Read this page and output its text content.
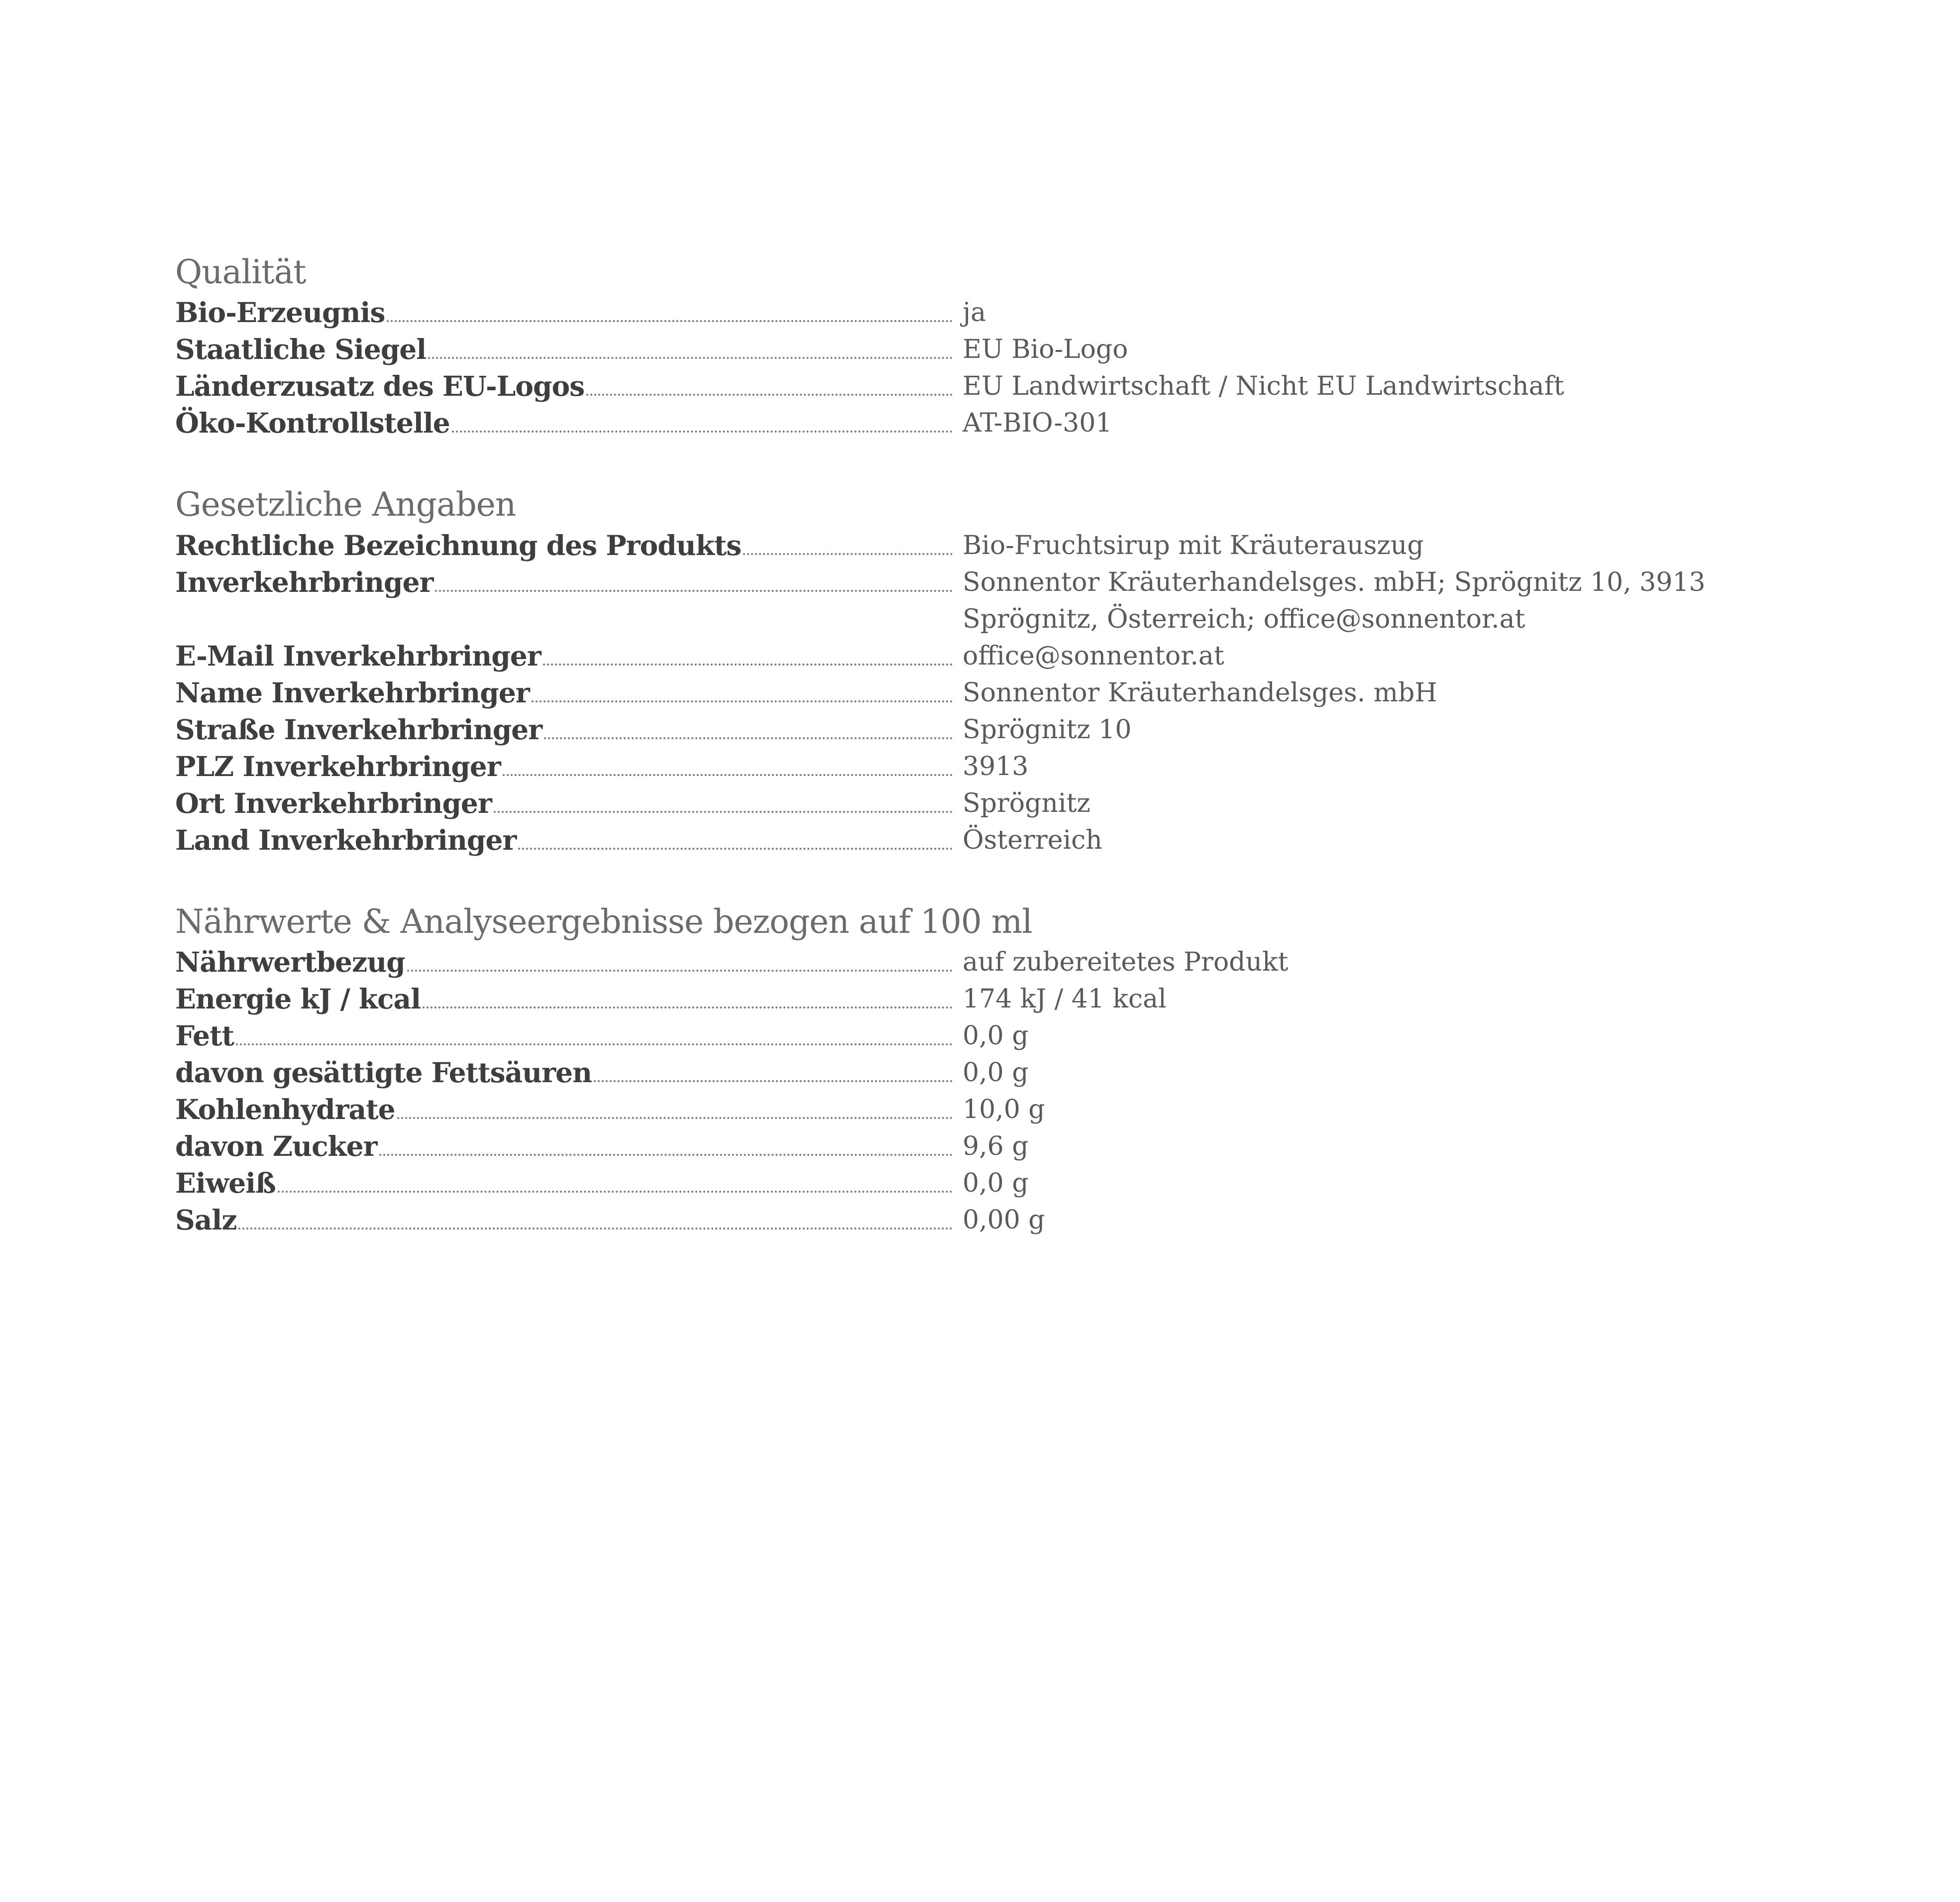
Qualität
Bio-Erzeugnis	ja
Staatliche Siegel	EU Bio-Logo
Länderzusatz des EU-Logos	EU Landwirtschaft / Nicht EU Landwirtschaft
Öko-Kontrollstelle	AT-BIO-301
Gesetzliche Angaben
Rechtliche Bezeichnung des Produkts	Bio-Fruchtsirup mit Kräuterauszug
Inverkehrbringer	Sonnentor Kräuterhandelsges. mbH; Sprögnitz 10, 3913 Sprögnitz, Österreich; office@sonnentor.at
E-Mail Inverkehrbringer	office@sonnentor.at
Name Inverkehrbringer	Sonnentor Kräuterhandelsges. mbH
Straße Inverkehrbringer	Sprögnitz 10
PLZ Inverkehrbringer	3913
Ort Inverkehrbringer	Sprögnitz
Land Inverkehrbringer	Österreich
Nährwerte & Analyseergebnisse bezogen auf 100 ml
Nährwertbezug	auf zubereitetes Produkt
Energie kJ / kcal	174 kJ / 41 kcal
Fett	0,0 g
davon gesättigte Fettsäuren	0,0 g
Kohlenhydrate	10,0 g
davon Zucker	9,6 g
Eiweiß	0,0 g
Salz	0,00 g
